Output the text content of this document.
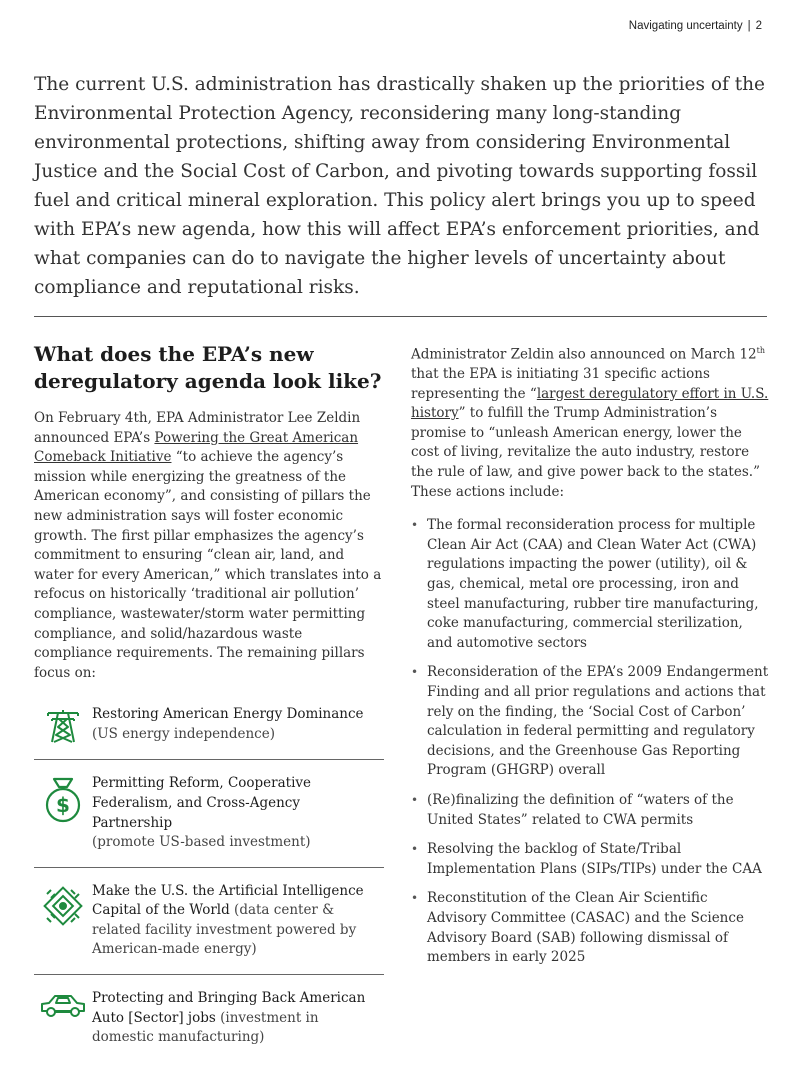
Navigating uncertainty | 2

The current U.S. administration has drastically shaken up the priorities of the Environmental Protection Agency, reconsidering many long-standing environmental protections, shifting away from considering Environmental Justice and the Social Cost of Carbon, and pivoting towards supporting fossil fuel and critical mineral exploration. This policy alert brings you up to speed with EPA’s new agenda, how this will affect EPA’s enforcement priorities, and what companies can do to navigate the higher levels of uncertainty about compliance and reputational risks.

What does the EPA’s new deregulatory agenda look like?

On February 4th, EPA Administrator Lee Zeldin announced EPA’s Powering the Great American Comeback Initiative “to achieve the agency’s mission while energizing the greatness of the American economy”, and consisting of pillars the new administration says will foster economic growth. The first pillar emphasizes the agency’s commitment to ensuring “clean air, land, and water for every American,” which translates into a refocus on historically ‘traditional air pollution’ compliance, wastewater/storm water permitting compliance, and solid/hazardous waste compliance requirements. The remaining pillars focus on:

Restoring American Energy Dominance
(US energy independence)
$
Permitting Reform, Cooperative Federalism, and Cross-Agency Partnership
(promote US-based investment)
Make the U.S. the Artificial Intelligence Capital of the World (data center & related facility investment powered by American-made energy)
Protecting and Bringing Back American Auto [Sector] jobs (investment in domestic manufacturing)

Administrator Zeldin also announced on March 12th that the EPA is initiating 31 specific actions representing the “largest deregulatory effort in U.S. history” to fulfill the Trump Administration’s promise to “unleash American energy, lower the cost of living, revitalize the auto industry, restore the rule of law, and give power back to the states.” These actions include:

• The formal reconsideration process for multiple Clean Air Act (CAA) and Clean Water Act (CWA) regulations impacting the power (utility), oil & gas, chemical, metal ore processing, iron and steel manufacturing, rubber tire manufacturing, coke manufacturing, commercial sterilization, and automotive sectors
• Reconsideration of the EPA’s 2009 Endangerment Finding and all prior regulations and actions that rely on the finding, the ‘Social Cost of Carbon’ calculation in federal permitting and regulatory decisions, and the Greenhouse Gas Reporting Program (GHGRP) overall
• (Re)finalizing the definition of “waters of the United States” related to CWA permits
• Resolving the backlog of State/Tribal Implementation Plans (SIPs/TIPs) under the CAA
• Reconstitution of the Clean Air Scientific Advisory Committee (CASAC) and the Science Advisory Board (SAB) following dismissal of members in early 2025
